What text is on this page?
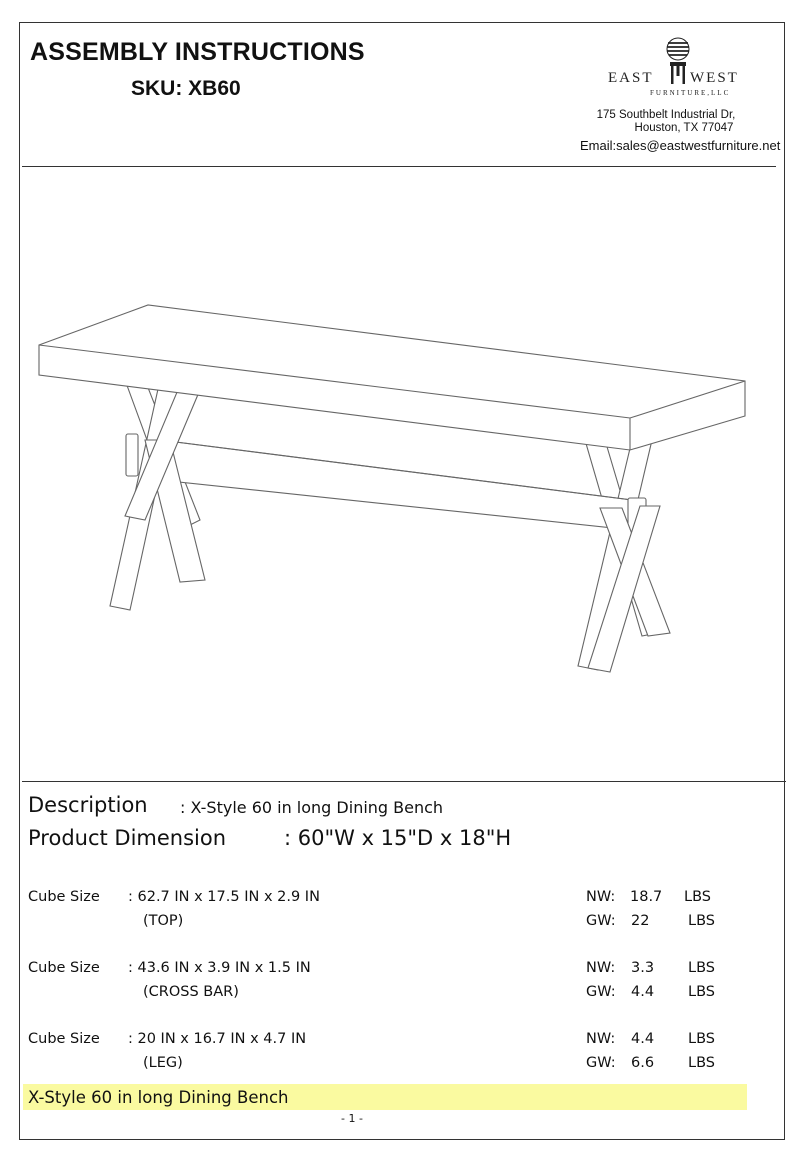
ASSEMBLY INSTRUCTIONS
SKU: XB60	EAST WEST
FURNITURE,LLC
175 Southbelt Industrial Dr,
Houston, TX 77047
Email:sales@eastwestfurniture.net
Description : X-Style 60 in long Dining Bench
Product Dimension	: 60"W x 15"D x 18"H
Cube Size : 62.7 IN x 17.5 IN x 2.9 IN
(TOP)
NW: 18.7 LBS
GW: 22	LBS
Cube Size : 43.6 IN x 3.9 IN x 1.5 IN
(CROSS BAR)
NW: 3.3 LBS
GW: 4.4 LBS
Cube Size : 20 IN x 16.7 IN x 4.7 IN
(LEG)
NW: 4.4 LBS
GW: 6.6 LBS
X-Style 60 in long Dining Bench
- 1 -
